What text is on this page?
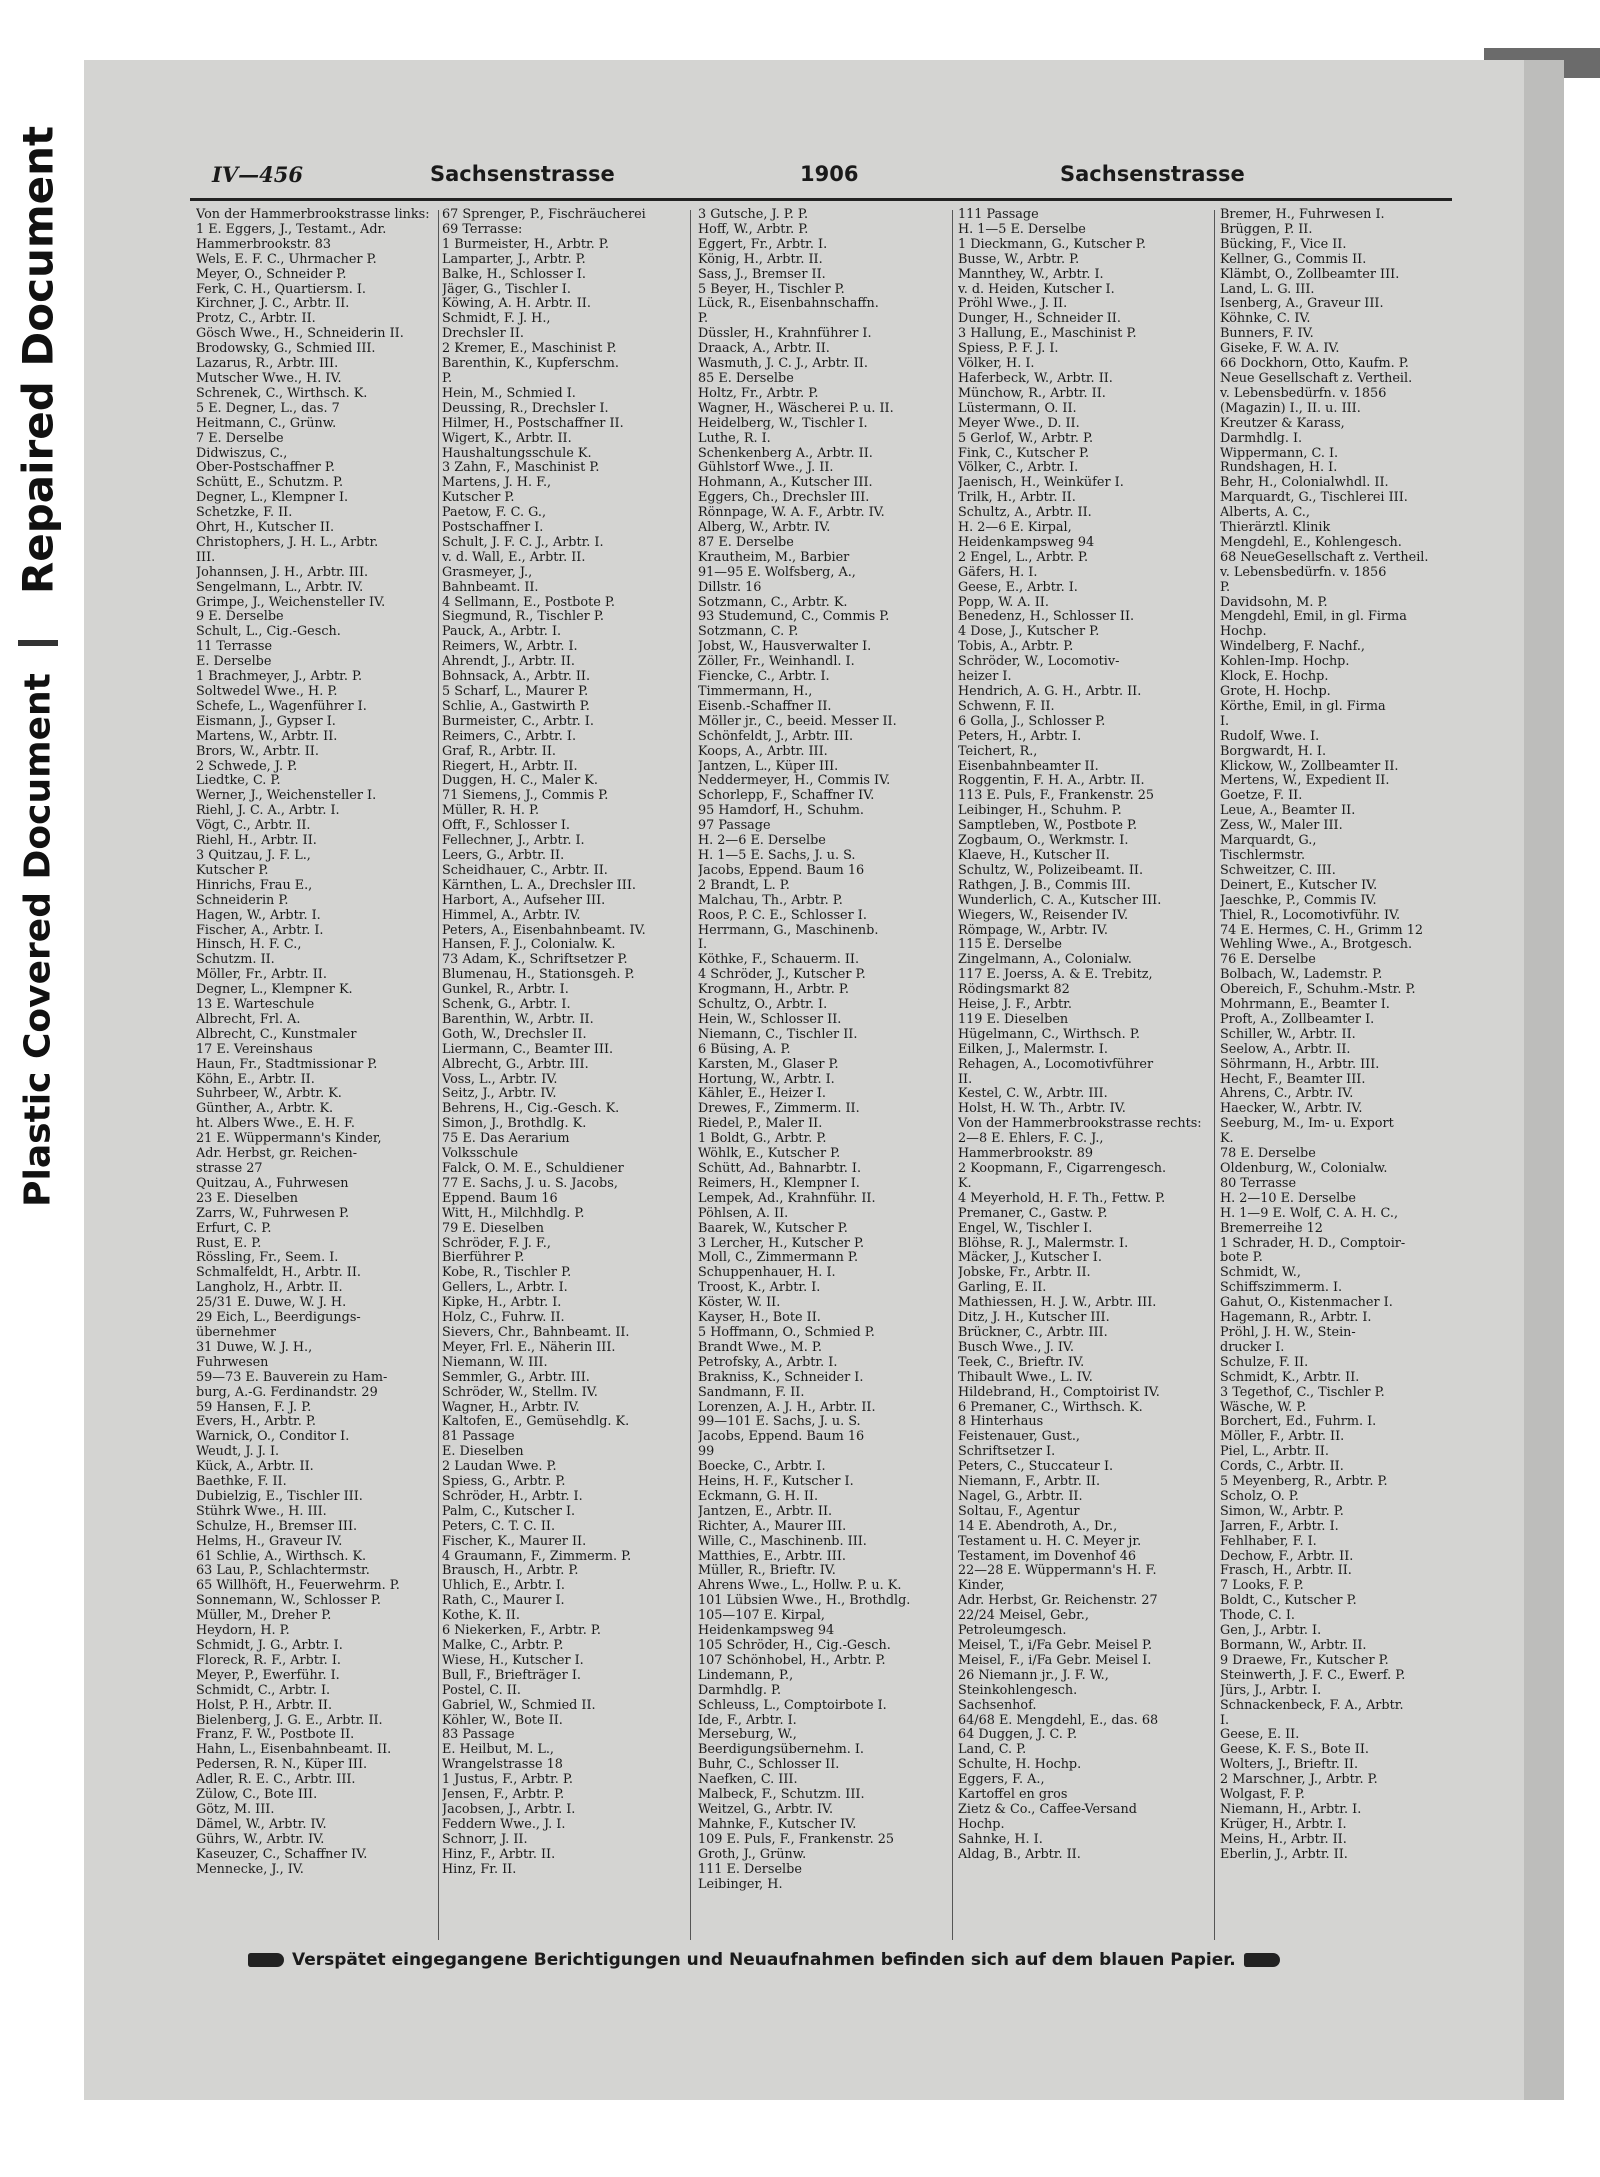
Repaired Document
Plastic Covered Document
IV—456	Sachsenstrasse	1906	Sachsenstrasse
Von der Hammerbrookstrasse links:
1 E. Eggers, J., Testamt., Adr.
Hammerbrookstr. 83
Wels, E. F. C., Uhrmacher P.
Meyer, O., Schneider P.
Ferk, C. H., Quartiersm. I.
Kirchner, J. C., Arbtr. II.
Protz, C., Arbtr. II.
Gösch Wwe., H., Schneiderin II.
Brodowsky, G., Schmied III.
Lazarus, R., Arbtr. III.
Mutscher Wwe., H. IV.
Schrenek, C., Wirthsch. K.
5 E. Degner, L., das. 7
Heitmann, C., Grünw.
7 E. Derselbe
Didwiszus, C.,
Ober-Postschaffner P.
Schütt, E., Schutzm. P.
Degner, L., Klempner I.
Schetzke, F. II.
Ohrt, H., Kutscher II.
Christophers, J. H. L., Arbtr.
III.
Johannsen, J. H., Arbtr. III.
Sengelmann, L., Arbtr. IV.
Grimpe, J., Weichensteller IV.
9 E. Derselbe
Schult, L., Cig.-Gesch.
11 Terrasse
E. Derselbe
1 Brachmeyer, J., Arbtr. P.
Soltwedel Wwe., H. P.
Schefe, L., Wagenführer I.
Eismann, J., Gypser I.
Martens, W., Arbtr. II.
Brors, W., Arbtr. II.
2 Schwede, J. P.
Liedtke, C. P.
Werner, J., Weichensteller I.
Riehl, J. C. A., Arbtr. I.
Vögt, C., Arbtr. II.
Riehl, H., Arbtr. II.
3 Quitzau, J. F. L.,
Kutscher P.
Hinrichs, Frau E.,
Schneiderin P.
Hagen, W., Arbtr. I.
Fischer, A., Arbtr. I.
Hinsch, H. F. C.,
Schutzm. II.
Möller, Fr., Arbtr. II.
Degner, L., Klempner K.
13 E. Warteschule
Albrecht, Frl. A.
Albrecht, C., Kunstmaler
17 E. Vereinshaus
Haun, Fr., Stadtmissionar P.
Köhn, E., Arbtr. II.
Suhrbeer, W., Arbtr. K.
Günther, A., Arbtr. K.
ht. Albers Wwe., E. H. F.
21 E. Wüppermann's Kinder,
Adr. Herbst, gr. Reichen-
strasse 27
Quitzau, A., Fuhrwesen
23 E. Dieselben
Zarrs, W., Fuhrwesen P.
Erfurt, C. P.
Rust, E. P.
Rössling, Fr., Seem. I.
Schmalfeldt, H., Arbtr. II.
Langholz, H., Arbtr. II.
25/31 E. Duwe, W. J. H.
29 Eich, L., Beerdigungs-
übernehmer
31 Duwe, W. J. H.,
Fuhrwesen
59—73 E. Bauverein zu Ham-
burg, A.-G. Ferdinandstr. 29
59 Hansen, F. J. P.
Evers, H., Arbtr. P.
Warnick, O., Conditor I.
Weudt, J. J. I.
Kück, A., Arbtr. II.
Baethke, F. II.
Dubielzig, E., Tischler III.
Stührk Wwe., H. III.
Schulze, H., Bremser III.
Helms, H., Graveur IV.
61 Schlie, A., Wirthsch. K.
63 Lau, P., Schlachtermstr.
65 Willhöft, H., Feuerwehrm. P.
Sonnemann, W., Schlosser P.
Müller, M., Dreher P.
Heydorn, H. P.
Schmidt, J. G., Arbtr. I.
Floreck, R. F., Arbtr. I.
Meyer, P., Ewerführ. I.
Schmidt, C., Arbtr. I.
Holst, P. H., Arbtr. II.
Bielenberg, J. G. E., Arbtr. II.
Franz, F. W., Postbote II.
Hahn, L., Eisenbahnbeamt. II.
Pedersen, R. N., Küper III.
Adler, R. E. C., Arbtr. III.
Zülow, C., Bote III.
Götz, M. III.
Dämel, W., Arbtr. IV.
Gührs, W., Arbtr. IV.
Kaseuzer, C., Schaffner IV.
Mennecke, J., IV.
67 Sprenger, P., Fischräucherei
69 Terrasse:
1 Burmeister, H., Arbtr. P.
Lamparter, J., Arbtr. P.
Balke, H., Schlosser I.
Jäger, G., Tischler I.
Köwing, A. H. Arbtr. II.
Schmidt, F. J. H.,
Drechsler II.
2 Kremer, E., Maschinist P.
Barenthin, K., Kupferschm.
P.
Hein, M., Schmied I.
Deussing, R., Drechsler I.
Hilmer, H., Postschaffner II.
Wigert, K., Arbtr. II.
Haushaltungsschule K.
3 Zahn, F., Maschinist P.
Martens, J. H. F.,
Kutscher P.
Paetow, F. C. G.,
Postschaffner I.
Schult, J. F. C. J., Arbtr. I.
v. d. Wall, E., Arbtr. II.
Grasmeyer, J.,
Bahnbeamt. II.
4 Sellmann, E., Postbote P.
Siegmund, R., Tischler P.
Pauck, A., Arbtr. I.
Reimers, W., Arbtr. I.
Ahrendt, J., Arbtr. II.
Bohnsack, A., Arbtr. II.
5 Scharf, L., Maurer P.
Schlie, A., Gastwirth P.
Burmeister, C., Arbtr. I.
Reimers, C., Arbtr. I.
Graf, R., Arbtr. II.
Riegert, H., Arbtr. II.
Duggen, H. C., Maler K.
71 Siemens, J., Commis P.
Müller, R. H. P.
Offt, F., Schlosser I.
Fellechner, J., Arbtr. I.
Leers, G., Arbtr. II.
Scheidhauer, C., Arbtr. II.
Kärnthen, L. A., Drechsler III.
Harbort, A., Aufseher III.
Himmel, A., Arbtr. IV.
Peters, A., Eisenbahnbeamt. IV.
Hansen, F. J., Colonialw. K.
73 Adam, K., Schriftsetzer P.
Blumenau, H., Stationsgeh. P.
Gunkel, R., Arbtr. I.
Schenk, G., Arbtr. I.
Barenthin, W., Arbtr. II.
Goth, W., Drechsler II.
Liermann, C., Beamter III.
Albrecht, G., Arbtr. III.
Voss, L., Arbtr. IV.
Seitz, J., Arbtr. IV.
Behrens, H., Cig.-Gesch. K.
Simon, J., Brothdlg. K.
75 E. Das Aerarium
Volksschule
Falck, O. M. E., Schuldiener
77 E. Sachs, J. u. S. Jacobs,
Eppend. Baum 16
Witt, H., Milchhdlg. P.
79 E. Dieselben
Schröder, F. J. F.,
Bierführer P.
Kobe, R., Tischler P.
Gellers, L., Arbtr. I.
Kipke, H., Arbtr. I.
Holz, C., Fuhrw. II.
Sievers, Chr., Bahnbeamt. II.
Meyer, Frl. E., Näherin III.
Niemann, W. III.
Semmler, G., Arbtr. III.
Schröder, W., Stellm. IV.
Wagner, H., Arbtr. IV.
Kaltofen, E., Gemüsehdlg. K.
81 Passage
E. Dieselben
2 Laudan Wwe. P.
Spiess, G., Arbtr. P.
Schröder, H., Arbtr. I.
Palm, C., Kutscher I.
Peters, C. T. C. II.
Fischer, K., Maurer II.
4 Graumann, F., Zimmerm. P.
Brausch, H., Arbtr. P.
Uhlich, E., Arbtr. I.
Rath, C., Maurer I.
Kothe, K. II.
6 Niekerken, F., Arbtr. P.
Malke, C., Arbtr. P.
Wiese, H., Kutscher I.
Bull, F., Briefträger I.
Postel, C. II.
Gabriel, W., Schmied II.
Köhler, W., Bote II.
83 Passage
E. Heilbut, M. L.,
Wrangelstrasse 18
1 Justus, F., Arbtr. P.
Jensen, F., Arbtr. P.
Jacobsen, J., Arbtr. I.
Feddern Wwe., J. I.
Schnorr, J. II.
Hinz, F., Arbtr. II.
Hinz, Fr. II.
3 Gutsche, J. P. P.
Hoff, W., Arbtr. P.
Eggert, Fr., Arbtr. I.
König, H., Arbtr. II.
Sass, J., Bremser II.
5 Beyer, H., Tischler P.
Lück, R., Eisenbahnschaffn.
P.
Düssler, H., Krahnführer I.
Draack, A., Arbtr. II.
Wasmuth, J. C. J., Arbtr. II.
85 E. Derselbe
Holtz, Fr., Arbtr. P.
Wagner, H., Wäscherei P. u. II.
Heidelberg, W., Tischler I.
Luthe, R. I.
Schenkenberg A., Arbtr. II.
Gühlstorf Wwe., J. II.
Hohmann, A., Kutscher III.
Eggers, Ch., Drechsler III.
Rönnpage, W. A. F., Arbtr. IV.
Alberg, W., Arbtr. IV.
87 E. Derselbe
Krautheim, M., Barbier
91—95 E. Wolfsberg, A.,
Dillstr. 16
Sotzmann, C., Arbtr. K.
93 Studemund, C., Commis P.
Sotzmann, C. P.
Jobst, W., Hausverwalter I.
Zöller, Fr., Weinhandl. I.
Fiencke, C., Arbtr. I.
Timmermann, H.,
Eisenb.-Schaffner II.
Möller jr., C., beeid. Messer II.
Schönfeldt, J., Arbtr. III.
Koops, A., Arbtr. III.
Jantzen, L., Küper III.
Neddermeyer, H., Commis IV.
Schorlepp, F., Schaffner IV.
95 Hamdorf, H., Schuhm.
97 Passage
H. 2—6 E. Derselbe
H. 1—5 E. Sachs, J. u. S.
Jacobs, Eppend. Baum 16
2 Brandt, L. P.
Malchau, Th., Arbtr. P.
Roos, P. C. E., Schlosser I.
Herrmann, G., Maschinenb.
I.
Köthke, F., Schauerm. II.
4 Schröder, J., Kutscher P.
Krogmann, H., Arbtr. P.
Schultz, O., Arbtr. I.
Hein, W., Schlosser II.
Niemann, C., Tischler II.
6 Büsing, A. P.
Karsten, M., Glaser P.
Hortung, W., Arbtr. I.
Kähler, E., Heizer I.
Drewes, F., Zimmerm. II.
Riedel, P., Maler II.
1 Boldt, G., Arbtr. P.
Wöhlk, E., Kutscher P.
Schütt, Ad., Bahnarbtr. I.
Reimers, H., Klempner I.
Lempek, Ad., Krahnführ. II.
Pöhlsen, A. II.
Baarek, W., Kutscher P.
3 Lercher, H., Kutscher P.
Moll, C., Zimmermann P.
Schuppenhauer, H. I.
Troost, K., Arbtr. I.
Köster, W. II.
Kayser, H., Bote II.
5 Hoffmann, O., Schmied P.
Brandt Wwe., M. P.
Petrofsky, A., Arbtr. I.
Brakniss, K., Schneider I.
Sandmann, F. II.
Lorenzen, A. J. H., Arbtr. II.
99—101 E. Sachs, J. u. S.
Jacobs, Eppend. Baum 16
99
Boecke, C., Arbtr. I.
Heins, H. F., Kutscher I.
Eckmann, G. H. II.
Jantzen, E., Arbtr. II.
Richter, A., Maurer III.
Wille, C., Maschinenb. III.
Matthies, E., Arbtr. III.
Müller, R., Brieftr. IV.
Ahrens Wwe., L., Hollw. P. u. K.
101 Lübsien Wwe., H., Brothdlg.
105—107 E. Kirpal,
Heidenkampsweg 94
105 Schröder, H., Cig.-Gesch.
107 Schönhobel, H., Arbtr. P.
Lindemann, P.,
Darmhdlg. P.
Schleuss, L., Comptoirbote I.
Ide, F., Arbtr. I.
Merseburg, W.,
Beerdigungsübernehm. I.
Buhr, C., Schlosser II.
Naefken, C. III.
Malbeck, F., Schutzm. III.
Weitzel, G., Arbtr. IV.
Mahnke, F., Kutscher IV.
109 E. Puls, F., Frankenstr. 25
Groth, J., Grünw.
111 E. Derselbe
Leibinger, H.
111 Passage
H. 1—5 E. Derselbe
1 Dieckmann, G., Kutscher P.
Busse, W., Arbtr. P.
Mannthey, W., Arbtr. I.
v. d. Heiden, Kutscher I.
Pröhl Wwe., J. II.
Dunger, H., Schneider II.
3 Hallung, E., Maschinist P.
Spiess, P. F. J. I.
Völker, H. I.
Haferbeck, W., Arbtr. II.
Münchow, R., Arbtr. II.
Lüstermann, O. II.
Meyer Wwe., D. II.
5 Gerlof, W., Arbtr. P.
Fink, C., Kutscher P.
Völker, C., Arbtr. I.
Jaenisch, H., Weinküfer I.
Trilk, H., Arbtr. II.
Schultz, A., Arbtr. II.
H. 2—6 E. Kirpal,
Heidenkampsweg 94
2 Engel, L., Arbtr. P.
Gäfers, H. I.
Geese, E., Arbtr. I.
Popp, W. A. II.
Benedenz, H., Schlosser II.
4 Dose, J., Kutscher P.
Tobis, A., Arbtr. P.
Schröder, W., Locomotiv-
heizer I.
Hendrich, A. G. H., Arbtr. II.
Schwenn, F. II.
6 Golla, J., Schlosser P.
Peters, H., Arbtr. I.
Teichert, R.,
Eisenbahnbeamter II.
Roggentin, F. H. A., Arbtr. II.
113 E. Puls, F., Frankenstr. 25
Leibinger, H., Schuhm. P.
Samptleben, W., Postbote P.
Zogbaum, O., Werkmstr. I.
Klaeve, H., Kutscher II.
Schultz, W., Polizeibeamt. II.
Rathgen, J. B., Commis III.
Wunderlich, C. A., Kutscher III.
Wiegers, W., Reisender IV.
Römpage, W., Arbtr. IV.
115 E. Derselbe
Zingelmann, A., Colonialw.
117 E. Joerss, A. & E. Trebitz,
Rödingsmarkt 82
Heise, J. F., Arbtr.
119 E. Dieselben
Hügelmann, C., Wirthsch. P.
Eilken, J., Malermstr. I.
Rehagen, A., Locomotivführer
II.
Kestel, C. W., Arbtr. III.
Holst, H. W. Th., Arbtr. IV.
Von der Hammerbrookstrasse rechts:
2—8 E. Ehlers, F. C. J.,
Hammerbrookstr. 89
2 Koopmann, F., Cigarrengesch.
K.
4 Meyerhold, H. F. Th., Fettw. P.
Premaner, C., Gastw. P.
Engel, W., Tischler I.
Blöhse, R. J., Malermstr. I.
Mäcker, J., Kutscher I.
Jobske, Fr., Arbtr. II.
Garling, E. II.
Mathiessen, H. J. W., Arbtr. III.
Ditz, J. H., Kutscher III.
Brückner, C., Arbtr. III.
Busch Wwe., J. IV.
Teek, C., Brieftr. IV.
Thibault Wwe., L. IV.
Hildebrand, H., Comptoirist IV.
6 Premaner, C., Wirthsch. K.
8 Hinterhaus
Feistenauer, Gust.,
Schriftsetzer I.
Peters, C., Stuccateur I.
Niemann, F., Arbtr. II.
Nagel, G., Arbtr. II.
Soltau, F., Agentur
14 E. Abendroth, A., Dr.,
Testament u. H. C. Meyer jr.
Testament, im Dovenhof 46
22—28 E. Wüppermann's H. F.
Kinder,
Adr. Herbst, Gr. Reichenstr. 27
22/24 Meisel, Gebr.,
Petroleumgesch.
Meisel, T., i/Fa Gebr. Meisel P.
Meisel, F., i/Fa Gebr. Meisel I.
26 Niemann jr., J. F. W.,
Steinkohlengesch.
Sachsenhof.
64/68 E. Mengdehl, E., das. 68
64 Duggen, J. C. P.
Land, C. P.
Schulte, H. Hochp.
Eggers, F. A.,
Kartoffel en gros
Zietz & Co., Caffee-Versand
Hochp.
Sahnke, H. I.
Aldag, B., Arbtr. II.
Bremer, H., Fuhrwesen I.
Brüggen, P. II.
Bücking, F., Vice II.
Kellner, G., Commis II.
Klämbt, O., Zollbeamter III.
Land, L. G. III.
Isenberg, A., Graveur III.
Köhnke, C. IV.
Bunners, F. IV.
Giseke, F. W. A. IV.
66 Dockhorn, Otto, Kaufm. P.
Neue Gesellschaft z. Vertheil.
v. Lebensbedürfn. v. 1856
(Magazin) I., II. u. III.
Kreutzer & Karass,
Darmhdlg. I.
Wippermann, C. I.
Rundshagen, H. I.
Behr, H., Colonialwhdl. II.
Marquardt, G., Tischlerei III.
Alberts, A. C.,
Thierärztl. Klinik
Mengdehl, E., Kohlengesch.
68 NeueGesellschaft z. Vertheil.
v. Lebensbedürfn. v. 1856
P.
Davidsohn, M. P.
Mengdehl, Emil, in gl. Firma
Hochp.
Windelberg, F. Nachf.,
Kohlen-Imp. Hochp.
Klock, E. Hochp.
Grote, H. Hochp.
Körthe, Emil, in gl. Firma
I.
Rudolf, Wwe. I.
Borgwardt, H. I.
Klickow, W., Zollbeamter II.
Mertens, W., Expedient II.
Goetze, F. II.
Leue, A., Beamter II.
Zess, W., Maler III.
Marquardt, G.,
Tischlermstr.
Schweitzer, C. III.
Deinert, E., Kutscher IV.
Jaeschke, P., Commis IV.
Thiel, R., Locomotivführ. IV.
74 E. Hermes, C. H., Grimm 12
Wehling Wwe., A., Brotgesch.
76 E. Derselbe
Bolbach, W., Lademstr. P.
Obereich, F., Schuhm.-Mstr. P.
Mohrmann, E., Beamter I.
Proft, A., Zollbeamter I.
Schiller, W., Arbtr. II.
Seelow, A., Arbtr. II.
Söhrmann, H., Arbtr. III.
Hecht, F., Beamter III.
Ahrens, C., Arbtr. IV.
Haecker, W., Arbtr. IV.
Seeburg, M., Im- u. Export
K.
78 E. Derselbe
Oldenburg, W., Colonialw.
80 Terrasse
H. 2—10 E. Derselbe
H. 1—9 E. Wolf, C. A. H. C.,
Bremerreihe 12
1 Schrader, H. D., Comptoir-
bote P.
Schmidt, W.,
Schiffszimmerm. I.
Gahut, O., Kistenmacher I.
Hagemann, R., Arbtr. I.
Pröhl, J. H. W., Stein-
drucker I.
Schulze, F. II.
Schmidt, K., Arbtr. II.
3 Tegethof, C., Tischler P.
Wäsche, W. P.
Borchert, Ed., Fuhrm. I.
Möller, F., Arbtr. II.
Piel, L., Arbtr. II.
Cords, C., Arbtr. II.
5 Meyenberg, R., Arbtr. P.
Scholz, O. P.
Simon, W., Arbtr. P.
Jarren, F., Arbtr. I.
Fehlhaber, F. I.
Dechow, F., Arbtr. II.
Frasch, H., Arbtr. II.
7 Looks, F. P.
Boldt, C., Kutscher P.
Thode, C. I.
Gen, J., Arbtr. I.
Bormann, W., Arbtr. II.
9 Draewe, Fr., Kutscher P.
Steinwerth, J. F. C., Ewerf. P.
Jürs, J., Arbtr. I.
Schnackenbeck, F. A., Arbtr.
I.
Geese, E. II.
Geese, K. F. S., Bote II.
Wolters, J., Brieftr. II.
2 Marschner, J., Arbtr. P.
Wolgast, F. P.
Niemann, H., Arbtr. I.
Krüger, H., Arbtr. I.
Meins, H., Arbtr. II.
Eberlin, J., Arbtr. II.
Verspätet eingegangene Berichtigungen und Neuaufnahmen befinden sich auf dem blauen Papier.
